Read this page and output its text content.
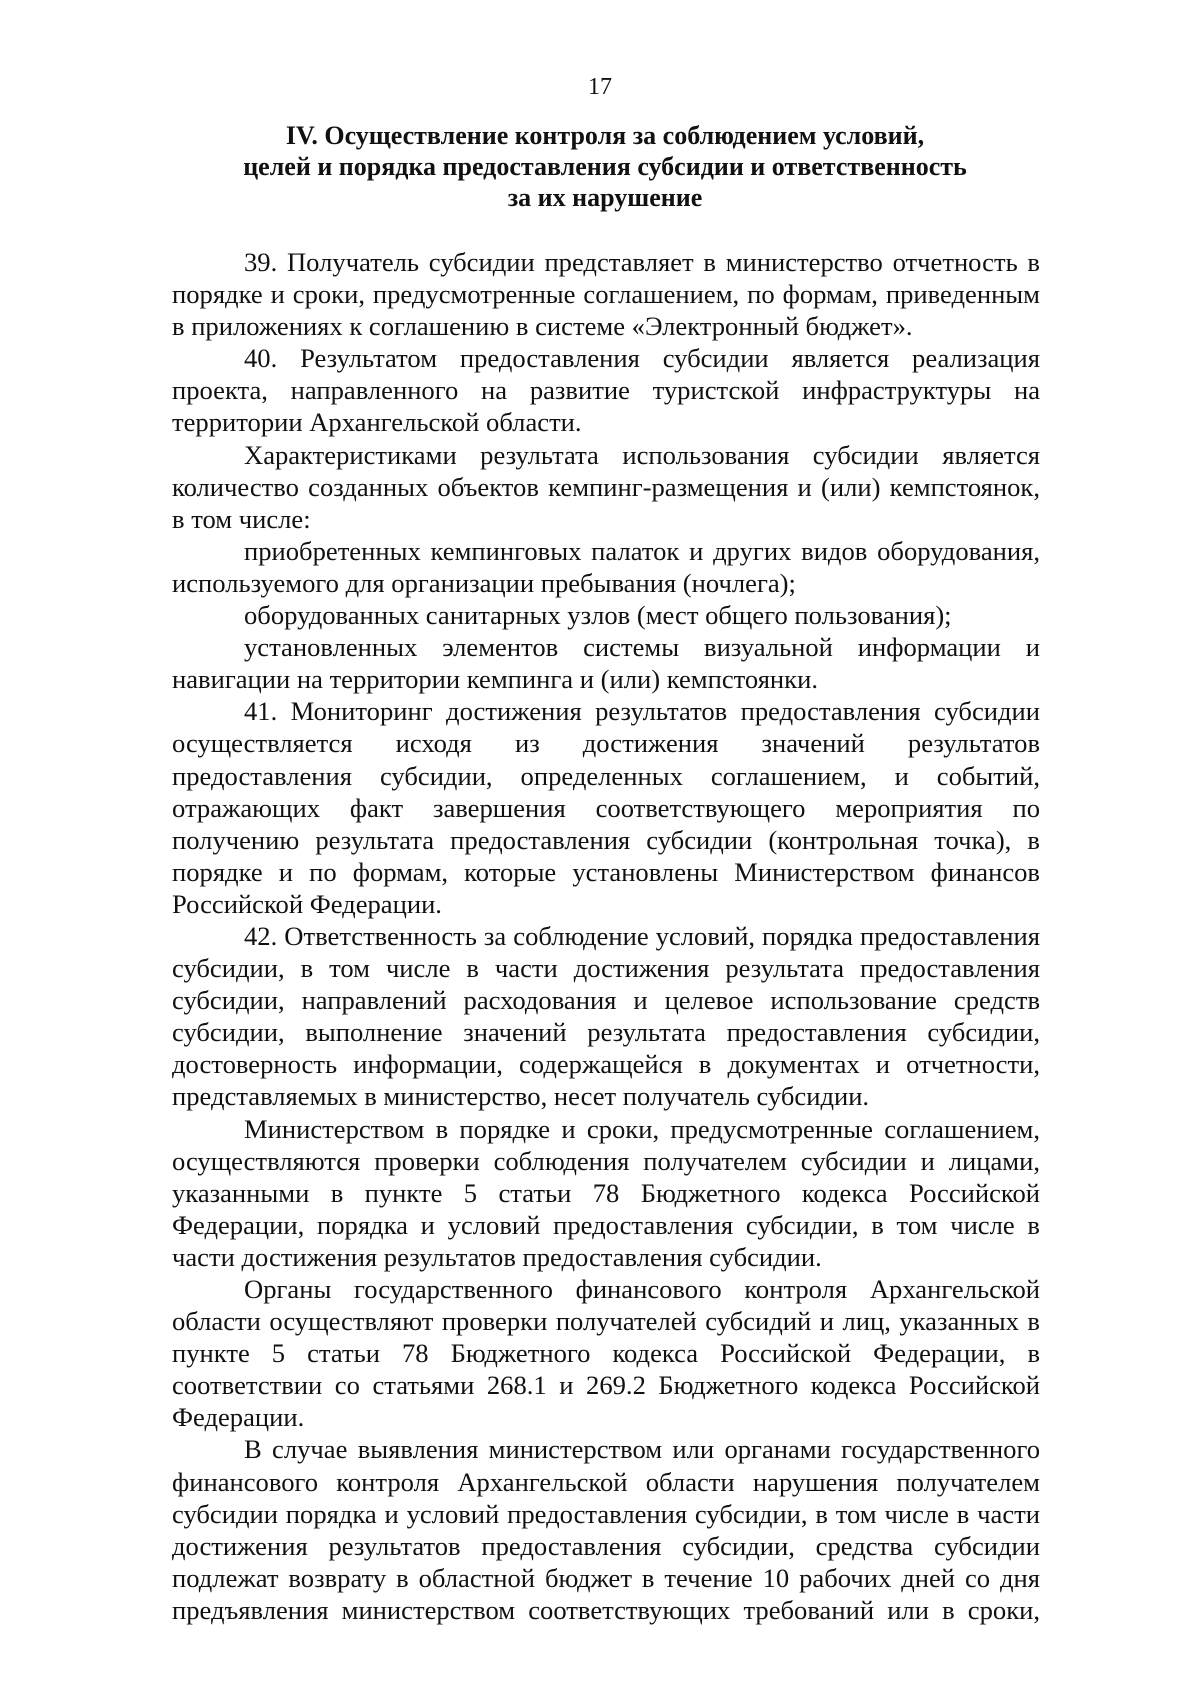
17
IV. Осуществление контроля за соблюдением условий,
целей и порядка предоставления субсидии и ответственность
за их нарушение

39. Получатель субсидии представляет в министерство отчетность в порядке и сроки, предусмотренные соглашением, по формам, приведенным в приложениях к соглашению в системе «Электронный бюджет».

40. Результатом предоставления субсидии является реализация проекта, направленного на развитие туристской инфраструктуры на территории Архангельской области.

Характеристиками результата использования субсидии является количество созданных объектов кемпинг-размещения и (или) кемпстоянок, в том числе:

приобретенных кемпинговых палаток и других видов оборудования, используемого для организации пребывания (ночлега);

оборудованных санитарных узлов (мест общего пользования);

установленных элементов системы визуальной информации и навигации на территории кемпинга и (или) кемпстоянки.

41. Мониторинг достижения результатов предоставления субсидии осуществляется исходя из достижения значений результатов предоставления субсидии, определенных соглашением, и событий, отражающих факт завершения соответствующего мероприятия по получению результата предоставления субсидии (контрольная точка), в порядке и по формам, которые установлены Министерством финансов Российской Федерации.

42. Ответственность за соблюдение условий, порядка предоставления субсидии, в том числе в части достижения результата предоставления субсидии, направлений расходования и целевое использование средств субсидии, выполнение значений результата предоставления субсидии, достоверность информации, содержащейся в документах и отчетности, представляемых в министерство, несет получатель субсидии.

Министерством в порядке и сроки, предусмотренные соглашением, осуществляются проверки соблюдения получателем субсидии и лицами, указанными в пункте 5 статьи 78 Бюджетного кодекса Российской Федерации, порядка и условий предоставления субсидии, в том числе в части достижения результатов предоставления субсидии.

Органы государственного финансового контроля Архангельской области осуществляют проверки получателей субсидий и лиц, указанных в пункте 5 статьи 78 Бюджетного кодекса Российской Федерации, в соответствии со статьями 268.1 и 269.2 Бюджетного кодекса Российской Федерации.

В случае выявления министерством или органами государственного финансового контроля Архангельской области нарушения получателем субсидии порядка и условий предоставления субсидии, в том числе в части достижения результатов предоставления субсидии, средства субсидии подлежат возврату в областной бюджет в течение 10 рабочих дней со дня предъявления министерством соответствующих требований или в сроки,
